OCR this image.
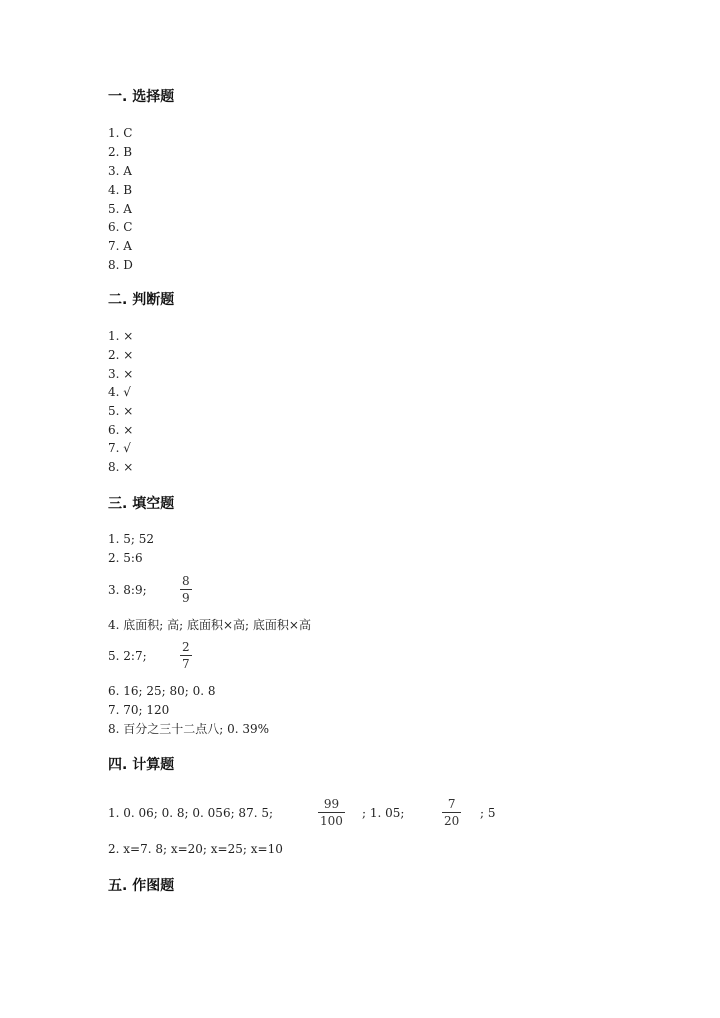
一. 选择题
1. C
2. B
3. A
4. B
5. A
6. C
7. A
8. D
二. 判断题
1. ×
2. ×
3. ×
4. √
5. ×
6. ×
7. √
8. ×
三. 填空题
1. 5; 52
2. 5:6
3. 8:9;
8
9
4. 底面积; 高; 底面积×高; 底面积×高
5. 2:7;
2
7
6. 16; 25; 80; 0. 8
7. 70; 120
8. 百分之三十二点八; 0. 39%
四. 计算题
1. 0. 06; 0. 8; 0. 056; 87. 5;
99
100
; 1. 05;
7
20
; 5
2. x=7. 8; x=20; x=25; x=10
五. 作图题
